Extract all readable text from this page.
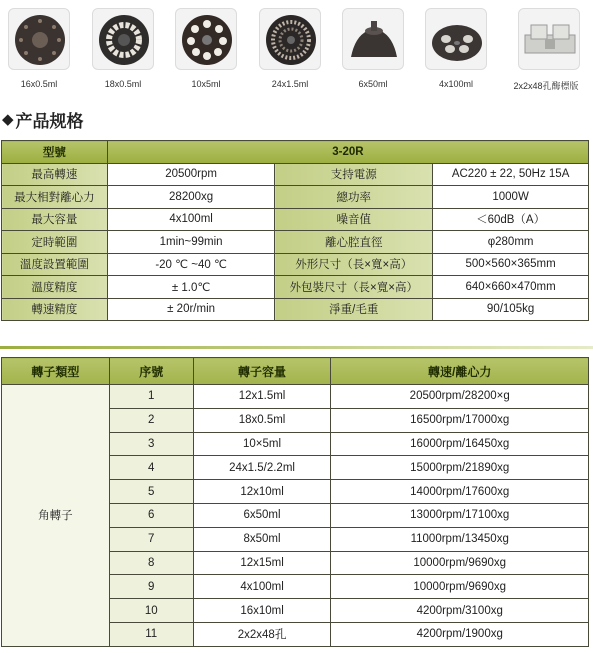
16x0.5ml	18x0.5ml	10x5ml	24x1.5ml	6x50ml	4x100ml	2x2x48孔酶標版
◆ 产品规格
型號	3-20R		
最高轉速	20500rpm	支持電源	AC220 ± 22, 50Hz 15A
最大相對離心力	28200xg	總功率	1000W
最大容量	4x100ml	噪音值	＜60dB（A）
定時範圍	1min~99min	離心腔直徑	φ280mm
溫度設置範圍	-20 ℃ ~40 ℃	外形尺寸（長×寬×高）	500×560×365mm
溫度精度	± 1.0℃	外包裝尺寸（長×寬×高）	640×660×470mm
轉速精度	± 20r/min	淨重/毛重	90/105kg
轉子類型	序號	轉子容量	轉速/離心力
角轉子	1	12x1.5ml	20500rpm/28200×g
	2	18x0.5ml	16500rpm/17000xg
	3	10×5ml	16000rpm/16450xg
	4	24x1.5/2.2ml	15000rpm/21890xg
	5	12x10ml	14000rpm/17600xg
	6	6x50ml	13000rpm/17100xg
	7	8x50ml	11000rpm/13450xg
	8	12x15ml	10000rpm/9690xg
	9	4x100ml	10000rpm/9690xg
	10	16x10ml	4200rpm/3100xg
	11	2x2x48孔	4200rpm/1900xg
